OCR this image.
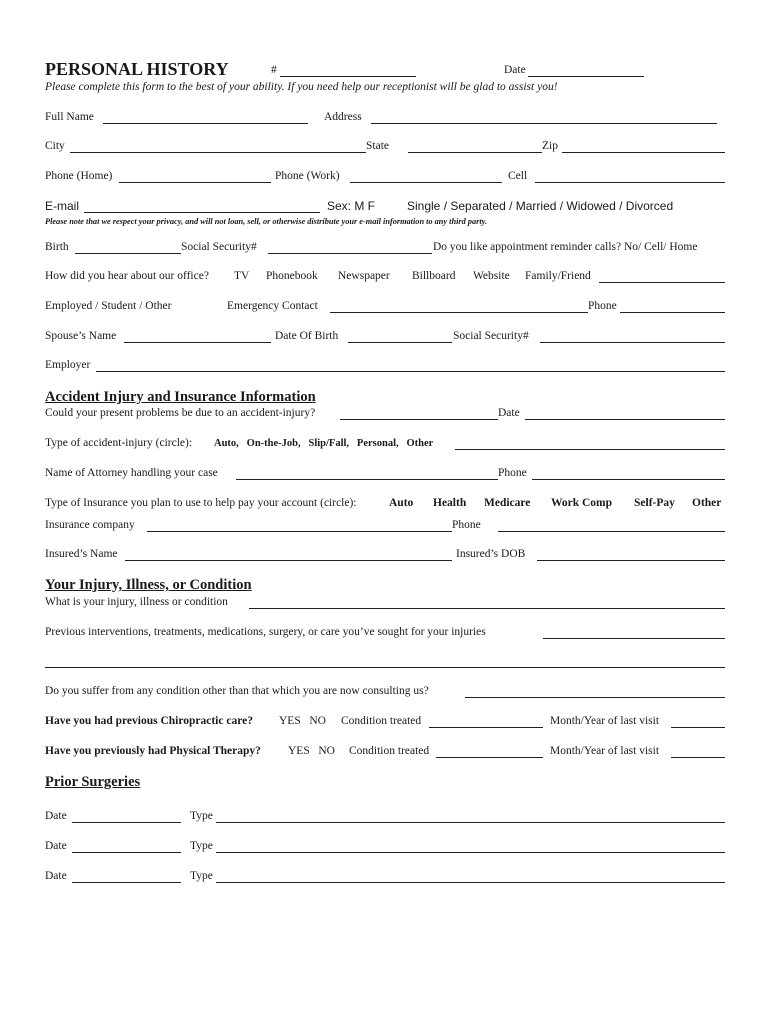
PERSONAL HISTORY	#	Date
Please complete this form to the best of your ability. If you need help our receptionist will be glad to assist you!
Full Name	Address
City	State	Zip
Phone (Home)	Phone (Work)	Cell
E-mail	Sex: M F	Single / Separated / Married / Widowed / Divorced
Please note that we respect your privacy, and will not loan, sell, or otherwise distribute your e-mail information to any third party.
Birth	Social Security#	Do you like appointment reminder calls? No/ Cell/ Home
How did you hear about our office? TV Phonebook Newspaper Billboard Website Family/Friend
Employed / Student / Other	Emergency Contact	Phone
Spouse’s Name	Date Of Birth	Social Security#
Employer
Accident Injury and Insurance Information
Could your present problems be due to an accident-injury?	Date
Type of accident-injury (circle): Auto,   On-the-Job,   Slip/Fall,   Personal,   Other
Name of Attorney handling your case	Phone
Type of Insurance you plan to use to help pay your account (circle):	Auto Health Medicare Work Comp Self-Pay Other
Insurance company	Phone
Insured’s Name	Insured’s DOB
Your Injury, Illness, or Condition
What is your injury, illness or condition
Previous interventions, treatments, medications, surgery, or care you’ve sought for your injuries
Do you suffer from any condition other than that which you are now consulting us?
Have you had previous Chiropractic care? YES   NO Condition treated	Month/Year of last visit
Have you previously had Physical Therapy? YES   NO Condition treated	Month/Year of last visit
Prior Surgeries
Date	Type
Date	Type
Date	Type
